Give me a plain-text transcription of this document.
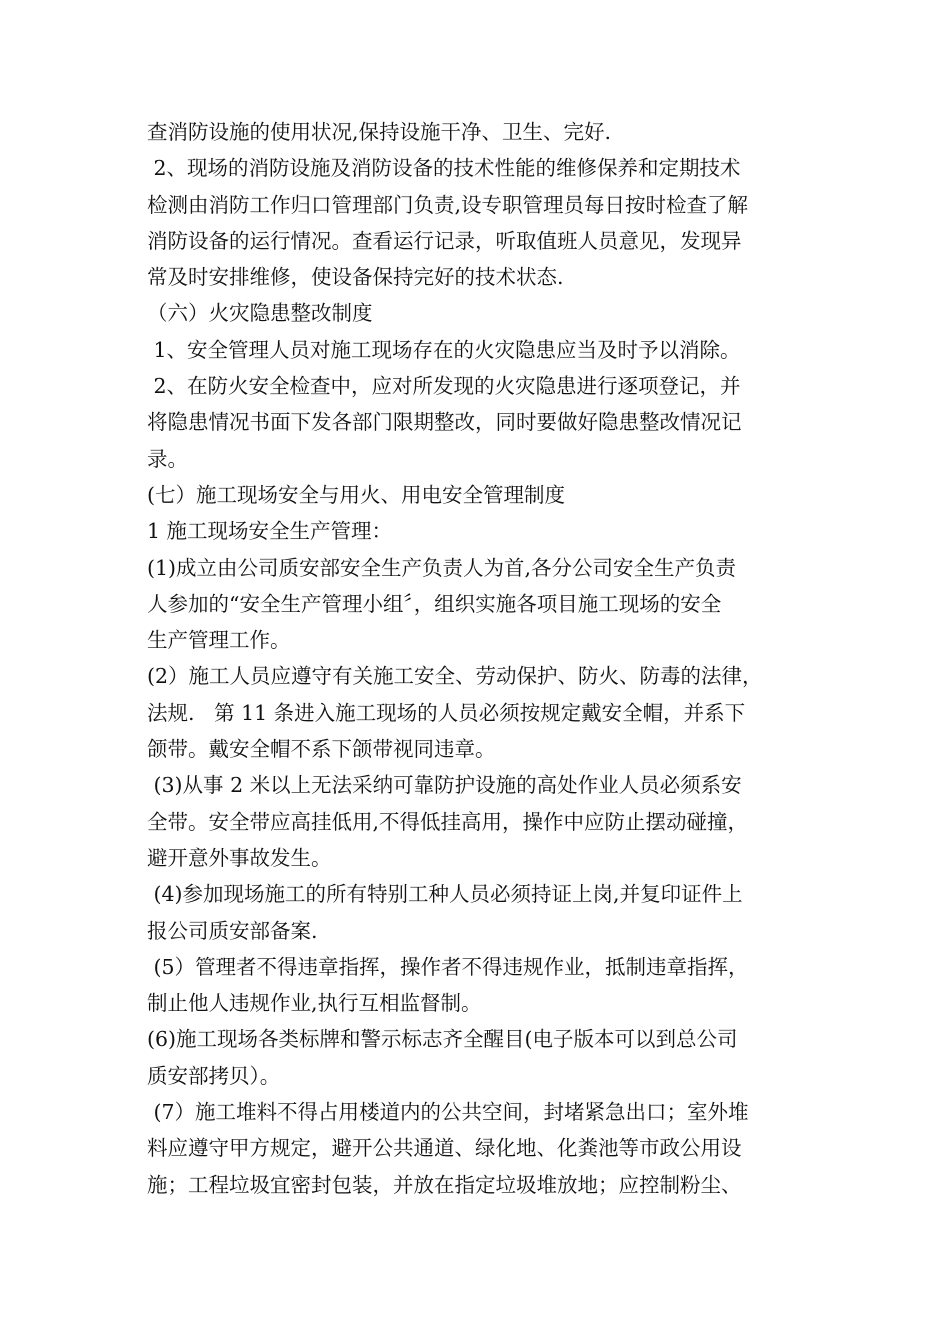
查消防设施的使用状况,保持设施干净、卫生、完好.
2、现场的消防设施及消防设备的技术性能的维修保养和定期技术
检测由消防工作归口管理部门负责,设专职管理员每日按时检查了解
消防设备的运行情况。查看运行记录，听取值班人员意见，发现异
常及时安排维修，使设备保持完好的技术状态.
（六）火灾隐患整改制度
1、安全管理人员对施工现场存在的火灾隐患应当及时予以消除。
2、在防火安全检查中，应对所发现的火灾隐患进行逐项登记，并
将隐患情况书面下发各部门限期整改，同时要做好隐患整改情况记
录。
(七）施工现场安全与用火、用电安全管理制度
1 施工现场安全生产管理：
(1)成立由公司质安部安全生产负责人为首,各分公司安全生产负责
人参加的“安全生产管理小组〞，组织实施各项目施工现场的安全
生产管理工作。
(2）施工人员应遵守有关施工安全、劳动保护、防火、防毒的法律，
法规.   第 11 条进入施工现场的人员必须按规定戴安全帽，并系下
颌带。戴安全帽不系下颌带视同违章。
(3)从事 2 米以上无法采纳可靠防护设施的高处作业人员必须系安
全带。安全带应高挂低用,不得低挂高用，操作中应防止摆动碰撞，
避开意外事故发生。
(4)参加现场施工的所有特别工种人员必须持证上岗,并复印证件上
报公司质安部备案.
(5）管理者不得违章指挥，操作者不得违规作业，抵制违章指挥，
制止他人违规作业,执行互相监督制。
(6)施工现场各类标牌和警示标志齐全醒目(电子版本可以到总公司
质安部拷贝）。
(7）施工堆料不得占用楼道内的公共空间，封堵紧急出口；室外堆
料应遵守甲方规定，避开公共通道、绿化地、化粪池等市政公用设
施；工程垃圾宜密封包装，并放在指定垃圾堆放地；应控制粉尘、
